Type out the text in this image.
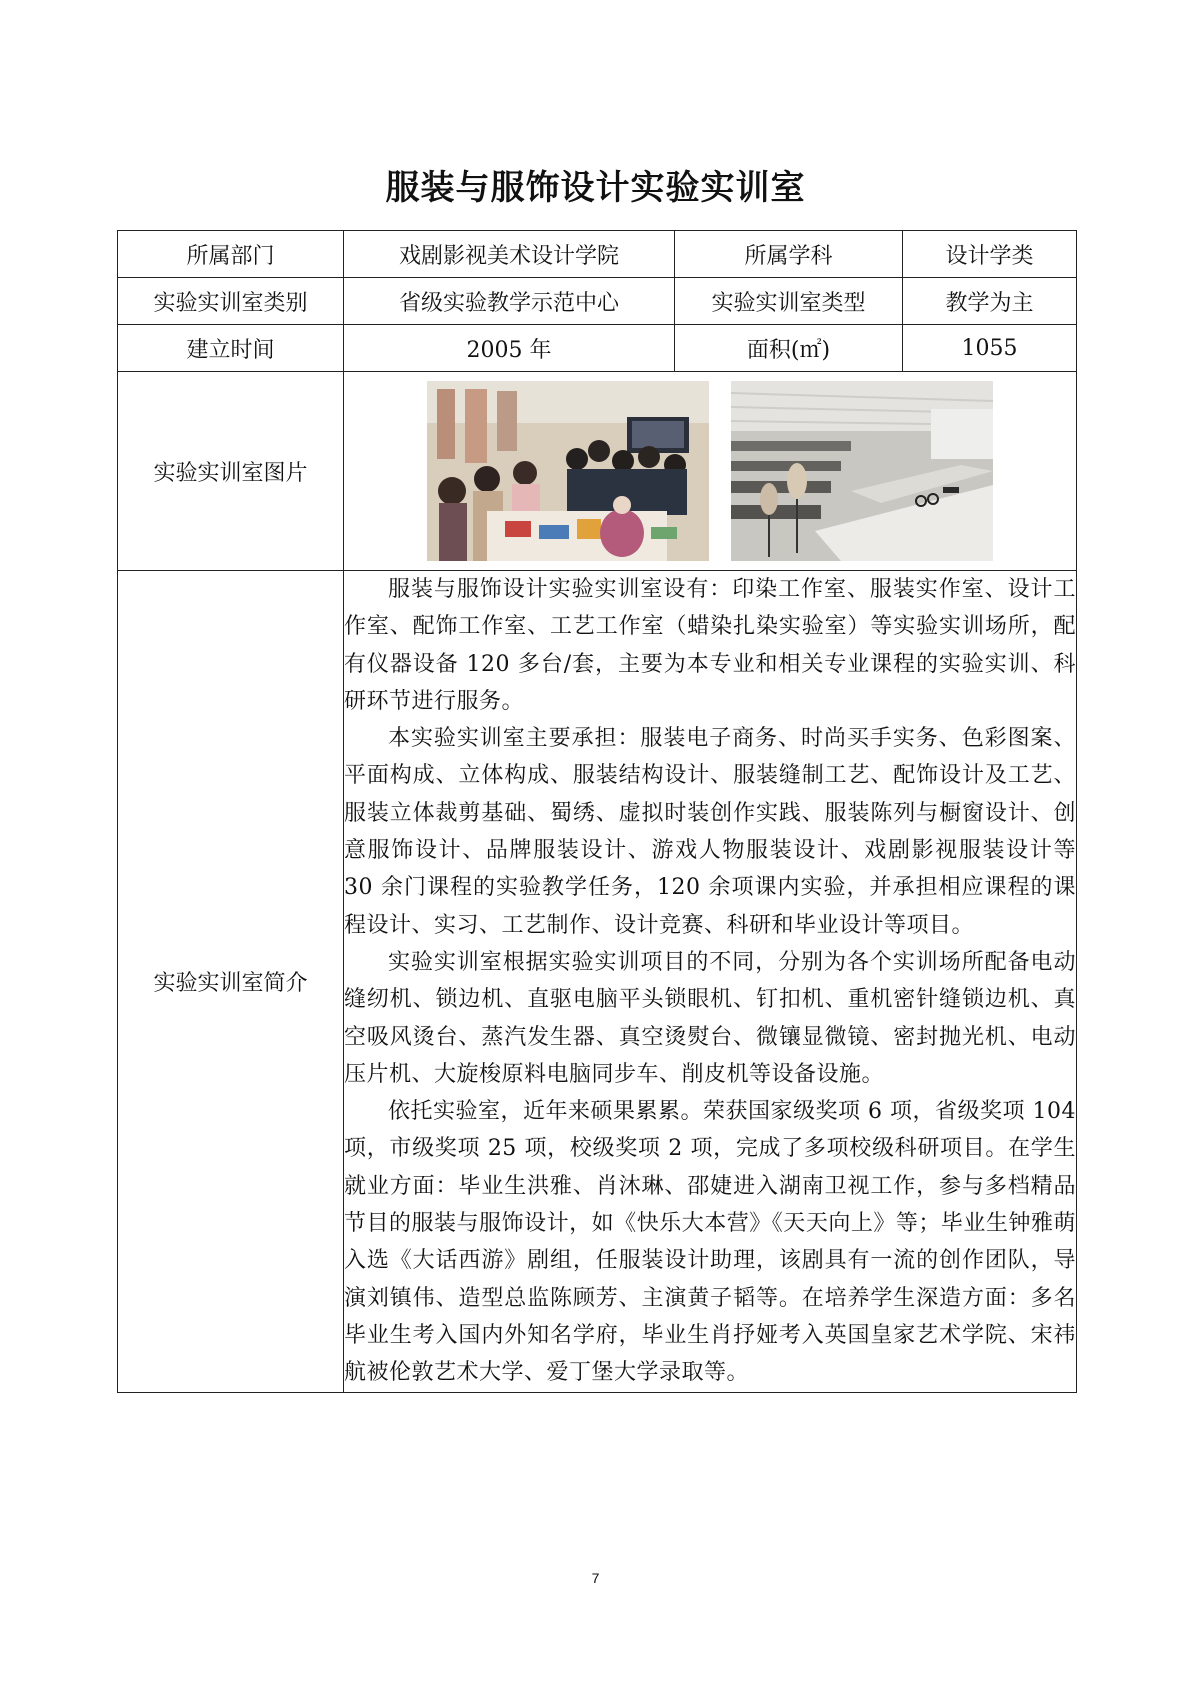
服装与服饰设计实验实训室
所属部门	戏剧影视美术设计学院	所属学科	设计学类
实验实训室类别	省级实验教学示范中心	实验实训室类型	教学为主
建立时间	2005 年	面积(㎡)	1055
实验实训室图片	

实验实训室简介	服装与服饰设计实验实训室设有：印染工作室、服装实作室、设计工作室、配饰工作室、工艺工作室（蜡染扎染实验室）等实验实训场所，配有仪器设备 120 多台/套，主要为本专业和相关专业课程的实验实训、科研环节进行服务。

本实验实训室主要承担：服装电子商务、时尚买手实务、色彩图案、平面构成、立体构成、服装结构设计、服装缝制工艺、配饰设计及工艺、服装立体裁剪基础、蜀绣、虚拟时装创作实践、服装陈列与橱窗设计、创意服饰设计、品牌服装设计、游戏人物服装设计、戏剧影视服装设计等 30 余门课程的实验教学任务，120 余项课内实验，并承担相应课程的课程设计、实习、工艺制作、设计竞赛、科研和毕业设计等项目。

实验实训室根据实验实训项目的不同，分别为各个实训场所配备电动缝纫机、锁边机、直驱电脑平头锁眼机、钉扣机、重机密针缝锁边机、真空吸风烫台、蒸汽发生器、真空烫熨台、微镶显微镜、密封抛光机、电动压片机、大旋梭原料电脑同步车、削皮机等设备设施。

依托实验室，近年来硕果累累。荣获国家级奖项 6 项，省级奖项 104 项，市级奖项 25 项，校级奖项 2 项，完成了多项校级科研项目。在学生就业方面：毕业生洪雅、肖沐琳、邵婕进入湖南卫视工作，参与多档精品节目的服装与服饰设计，如《快乐大本营》《天天向上》等；毕业生钟雅萌入选《大话西游》剧组，任服装设计助理，该剧具有一流的创作团队，导演刘镇伟、造型总监陈顾芳、主演黄子韬等。在培养学生深造方面：多名毕业生考入国内外知名学府，毕业生肖抒娅考入英国皇家艺术学院、宋祎航被伦敦艺术大学、爱丁堡大学录取等。		

7
